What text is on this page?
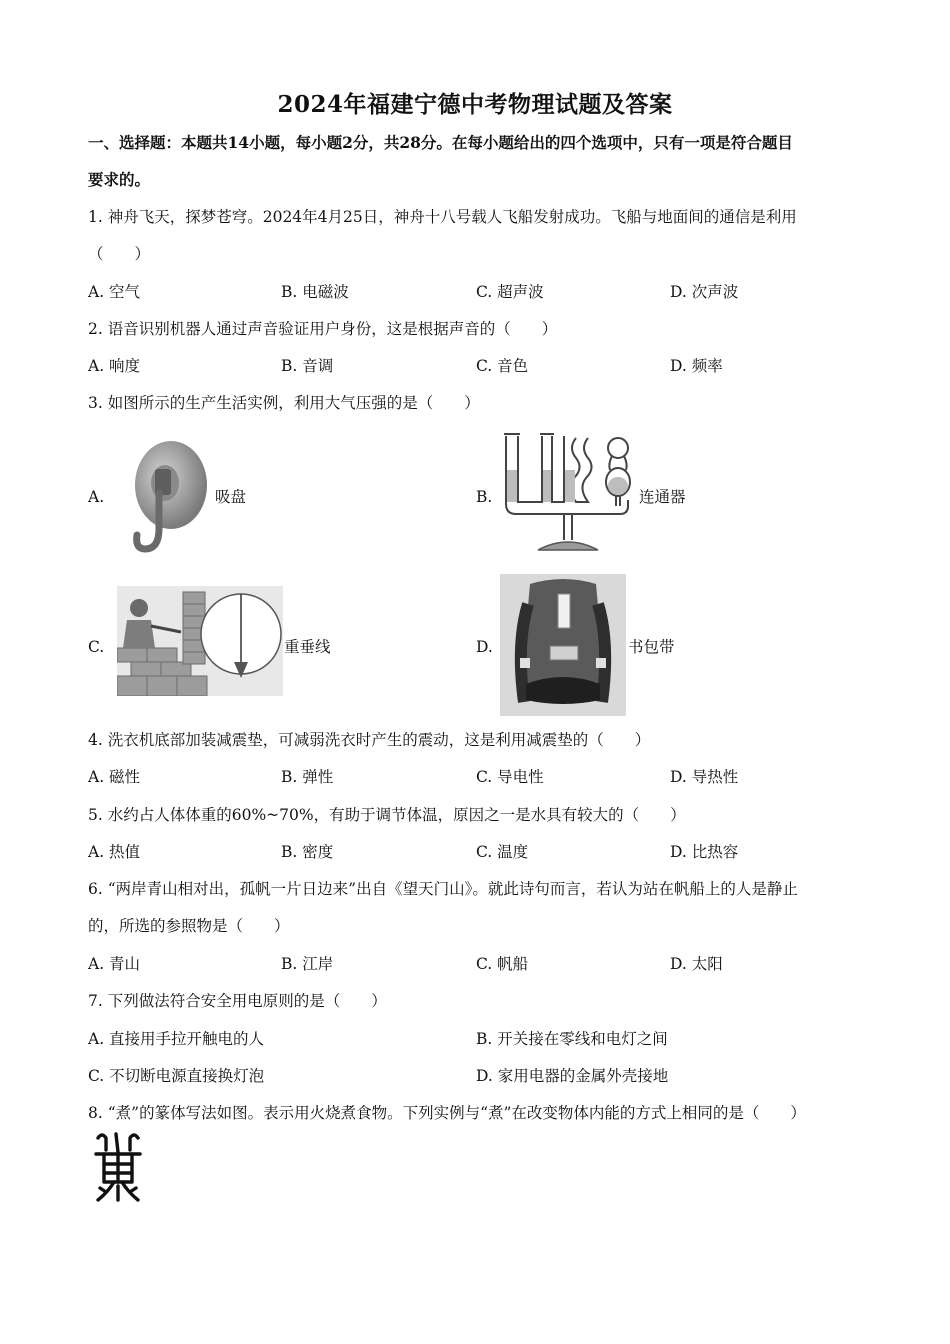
2024年福建宁德中考物理试题及答案
一、选择题：本题共14小题，每小题2分，共28分。在每小题给出的四个选项中，只有一项是符合题目
要求的。
1. 神舟飞天，探梦苍穹。2024年4月25日，神舟十八号载人飞船发射成功。飞船与地面间的通信是利用
（　　）
A. 空气	B. 电磁波	C. 超声波	D. 次声波
2. 语音识别机器人通过声音验证用户身份，这是根据声音的（　　）
A. 响度	B. 音调	C. 音色	D. 频率
3. 如图所示的生产生活实例，利用大气压强的是（　　）
A.	吸盘	B.	连通器
C.	重垂线	D.	书包带
4. 洗衣机底部加装减震垫，可减弱洗衣时产生的震动，这是利用减震垫的（　　）
A. 磁性	B. 弹性	C. 导电性	D. 导热性
5. 水约占人体体重的60%~70%，有助于调节体温，原因之一是水具有较大的（　　）
A. 热值	B. 密度	C. 温度	D. 比热容
6. “两岸青山相对出，孤帆一片日边来”出自《望天门山》。就此诗句而言，若认为站在帆船上的人是静止
的，所选的参照物是（　　）
A. 青山	B. 江岸	C. 帆船	D. 太阳
7. 下列做法符合安全用电原则的是（　　）
A. 直接用手拉开触电的人	B. 开关接在零线和电灯之间
C. 不切断电源直接换灯泡	D. 家用电器的金属外壳接地
8. “煮”的篆体写法如图。表示用火烧煮食物。下列实例与“煮”在改变物体内能的方式上相同的是（　　）
